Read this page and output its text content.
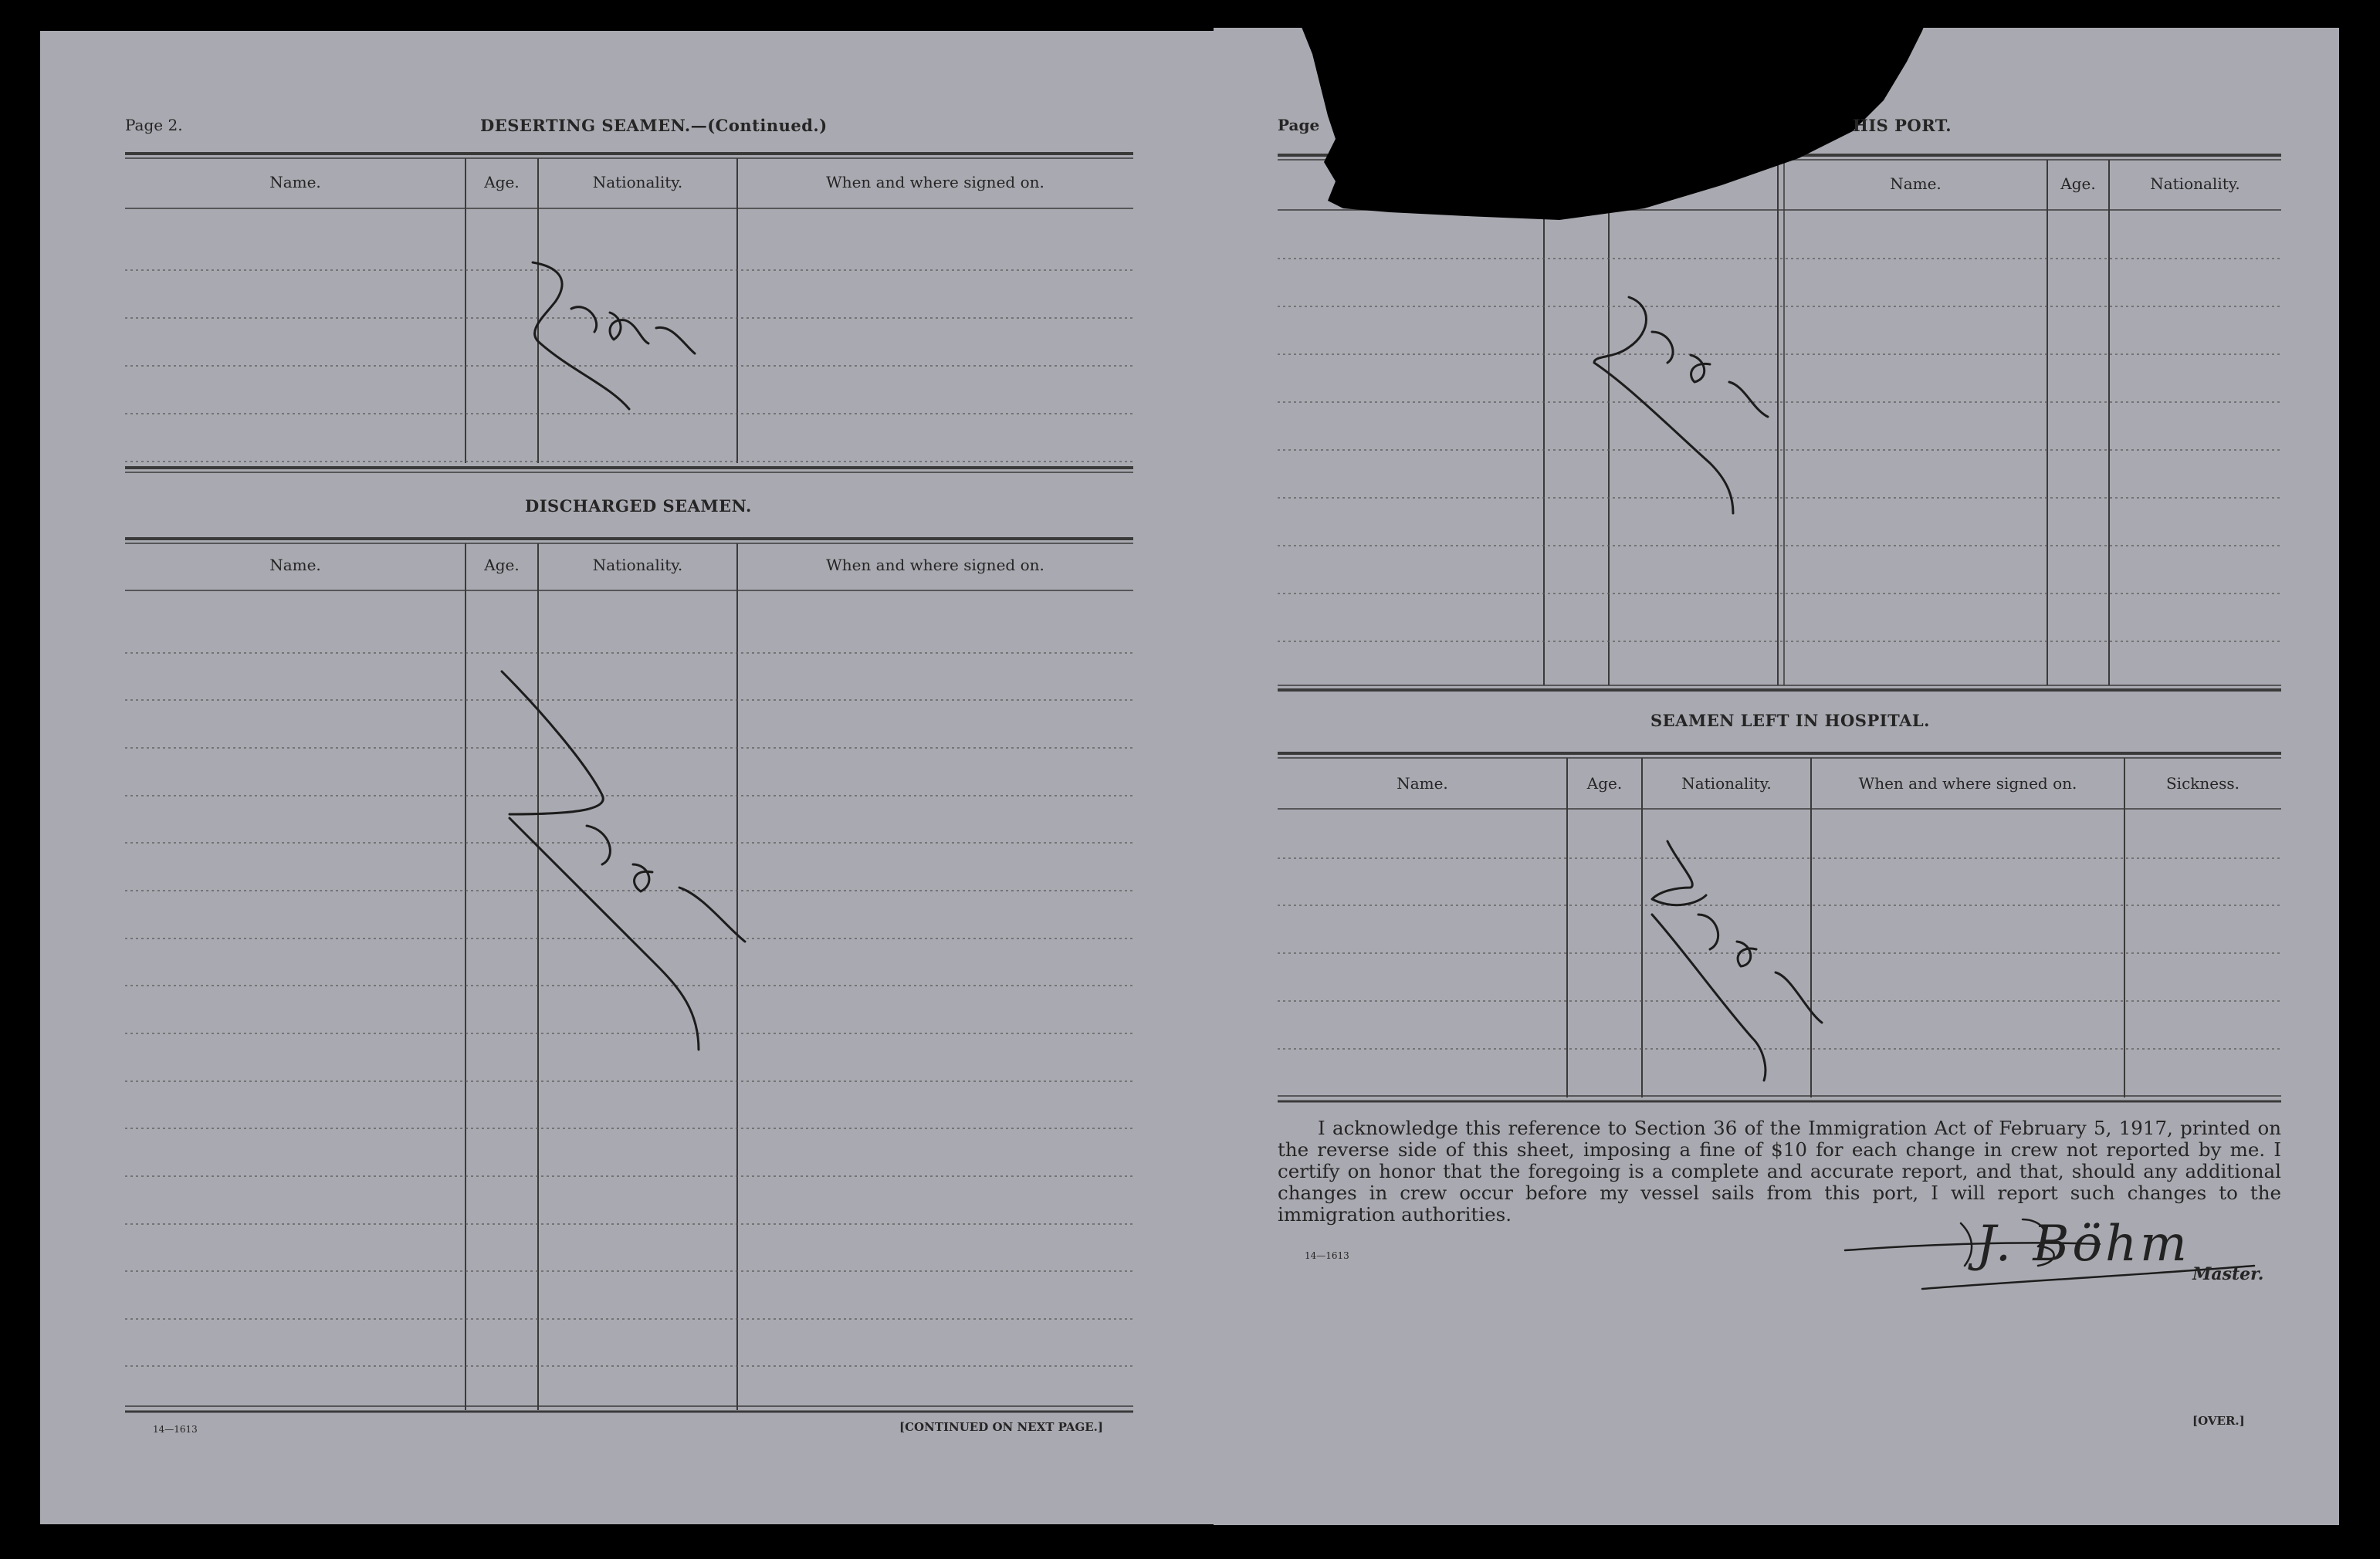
Page 2.	DESERTING SEAMEN.—(Continued.)
Name.	Age.	Nationality.	When and where signed on.
DISCHARGED SEAMEN.
Name.	Age.	Nationality.	When and where signed on.
14—1613	[CONTINUED ON NEXT PAGE.]
Page	HIS PORT.
Name.	Age.	Nationality.
SEAMEN LEFT IN HOSPITAL.
Name.	Age.	Nationality.	When and where signed on.	Sickness.
I acknowledge this reference to Section 36 of the Immigration Act of February 5, 1917, printed on the reverse side of this sheet, imposing a fine of $10 for each change in crew not reported by me. I certify on honor that the foregoing is a complete and accurate report, and that, should any additional changes in crew occur before my vessel sails from this port, I will report such changes to the immigration authorities.
14—1613	J. Böhm
Master.
[OVER.]
